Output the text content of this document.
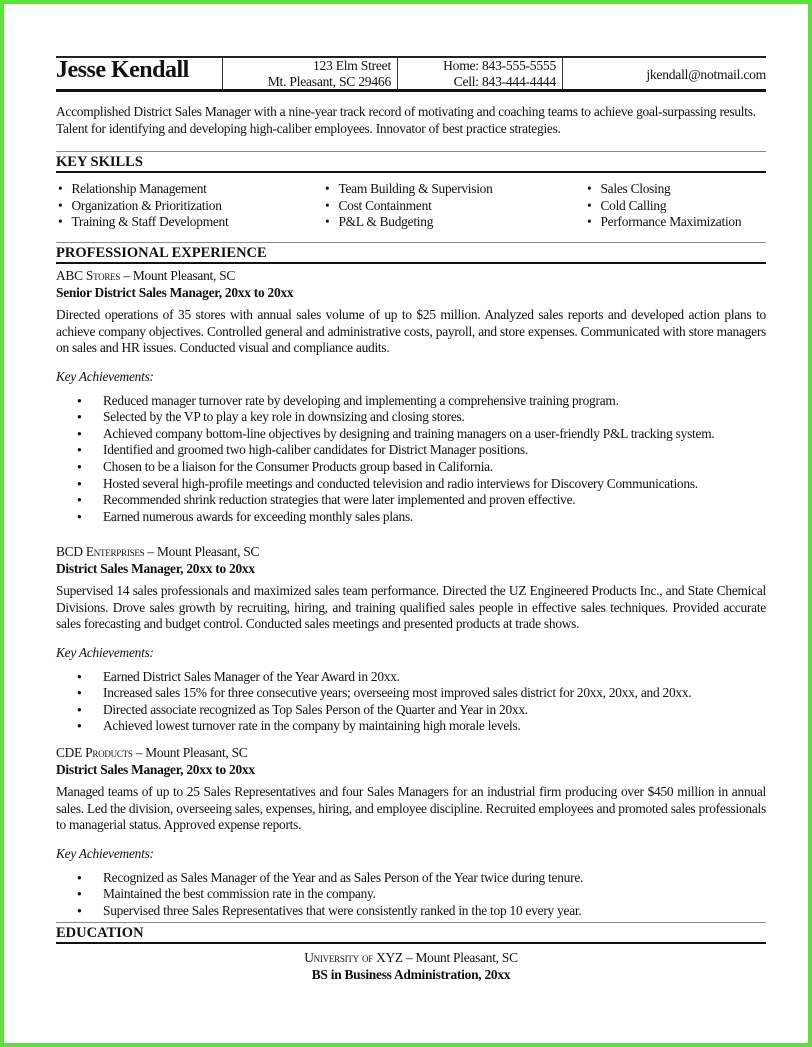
Jesse Kendall	123 Elm Street
Mt. Pleasant, SC 29466
Home: 843-555-5555
Cell: 843-444-4444	jkendall@notmail.com
Accomplished District Sales Manager with a nine-year track record of motivating and coaching teams to achieve goal-surpassing results. Talent for identifying and developing high-caliber employees. Innovator of best practice strategies.
KEY SKILLS
• Relationship Management	• Team Building & Supervision	• Sales Closing
• Organization & Prioritization	• Cost Containment	• Cold Calling
• Training & Staff Development	• P&L & Budgeting	• Performance Maximization
PROFESSIONAL EXPERIENCE
ABC Stores – Mount Pleasant, SC
Senior District Sales Manager, 20xx to 20xx
Directed operations of 35 stores with annual sales volume of up to $25 million. Analyzed sales reports and developed action plans to achieve company objectives. Controlled general and administrative costs, payroll, and store expenses. Communicated with store managers on sales and HR issues. Conducted visual and compliance audits.
Key Achievements:
● Reduced manager turnover rate by developing and implementing a comprehensive training program.
● Selected by the VP to play a key role in downsizing and closing stores.
● Achieved company bottom-line objectives by designing and training managers on a user-friendly P&L tracking system.
● Identified and groomed two high-caliber candidates for District Manager positions.
● Chosen to be a liaison for the Consumer Products group based in California.
● Hosted several high-profile meetings and conducted television and radio interviews for Discovery Communications.
● Recommended shrink reduction strategies that were later implemented and proven effective.
● Earned numerous awards for exceeding monthly sales plans.
BCD Enterprises – Mount Pleasant, SC
District Sales Manager, 20xx to 20xx
Supervised 14 sales professionals and maximized sales team performance. Directed the UZ Engineered Products Inc., and State Chemical Divisions. Drove sales growth by recruiting, hiring, and training qualified sales people in effective sales techniques. Provided accurate sales forecasting and budget control. Conducted sales meetings and presented products at trade shows.
Key Achievements:
● Earned District Sales Manager of the Year Award in 20xx.
● Increased sales 15% for three consecutive years; overseeing most improved sales district for 20xx, 20xx, and 20xx.
● Directed associate recognized as Top Sales Person of the Quarter and Year in 20xx.
● Achieved lowest turnover rate in the company by maintaining high morale levels.
CDE Products – Mount Pleasant, SC
District Sales Manager, 20xx to 20xx
Managed teams of up to 25 Sales Representatives and four Sales Managers for an industrial firm producing over $450 million in annual sales. Led the division, overseeing sales, expenses, hiring, and employee discipline. Recruited employees and promoted sales professionals to managerial status. Approved expense reports.
Key Achievements:
● Recognized as Sales Manager of the Year and as Sales Person of the Year twice during tenure.
● Maintained the best commission rate in the company.
● Supervised three Sales Representatives that were consistently ranked in the top 10 every year.
EDUCATION
University of XYZ – Mount Pleasant, SC
BS in Business Administration, 20xx
